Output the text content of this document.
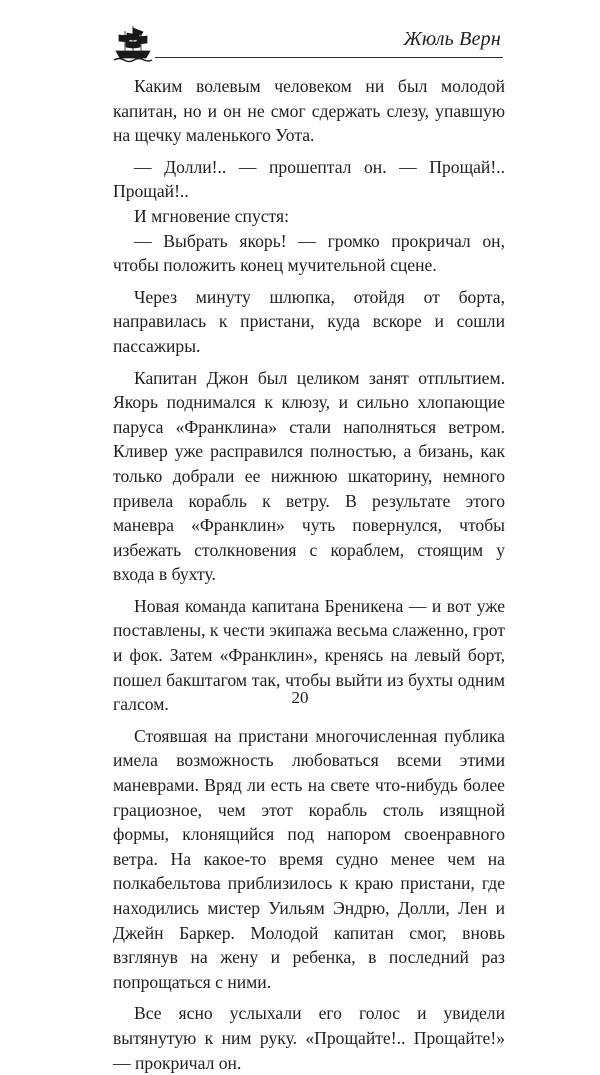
Жюль Верн

Каким волевым человеком ни был молодой капитан, но и он не смог сдержать слезу, упавшую на щечку маленького Уота.

— Долли!.. — прошептал он. — Прощай!.. Прощай!..

И мгновение спустя:

— Выбрать якорь! — громко прокричал он, чтобы положить конец мучительной сцене.

Через минуту шлюпка, отойдя от борта, направилась к пристани, куда вскоре и сошли пассажиры.

Капитан Джон был целиком занят отплытием. Якорь поднимался к клюзу, и сильно хлопающие паруса «Франклина» стали наполняться ветром. Кливер уже расправился полностью, а бизань, как только добрали ее нижнюю шкаторину, немного привела корабль к ветру. В результате этого маневра «Франклин» чуть повернулся, чтобы избежать столкновения с кораблем, стоящим у входа в бухту.

Новая команда капитана Бреникена — и вот уже поставлены, к чести экипажа весьма слаженно, грот и фок. Затем «Франклин», кренясь на левый борт, пошел бакштагом так, чтобы выйти из бухты одним галсом.

Стоявшая на пристани многочисленная публика имела возможность любоваться всеми этими маневрами. Вряд ли есть на свете что-нибудь более грациозное, чем этот корабль столь изящной формы, клонящийся под напором своенравного ветра. На какое-то время судно менее чем на полкабельтова приблизилось к краю пристани, где находились мистер Уильям Эндрю, Долли, Лен и Джейн Баркер. Молодой капитан смог, вновь взглянув на жену и ребенка, в последний раз попрощаться с ними.

Все ясно услыхали его голос и увидели вытянутую к ним руку. «Прощайте!.. Прощайте!» — прокричал он.

20
